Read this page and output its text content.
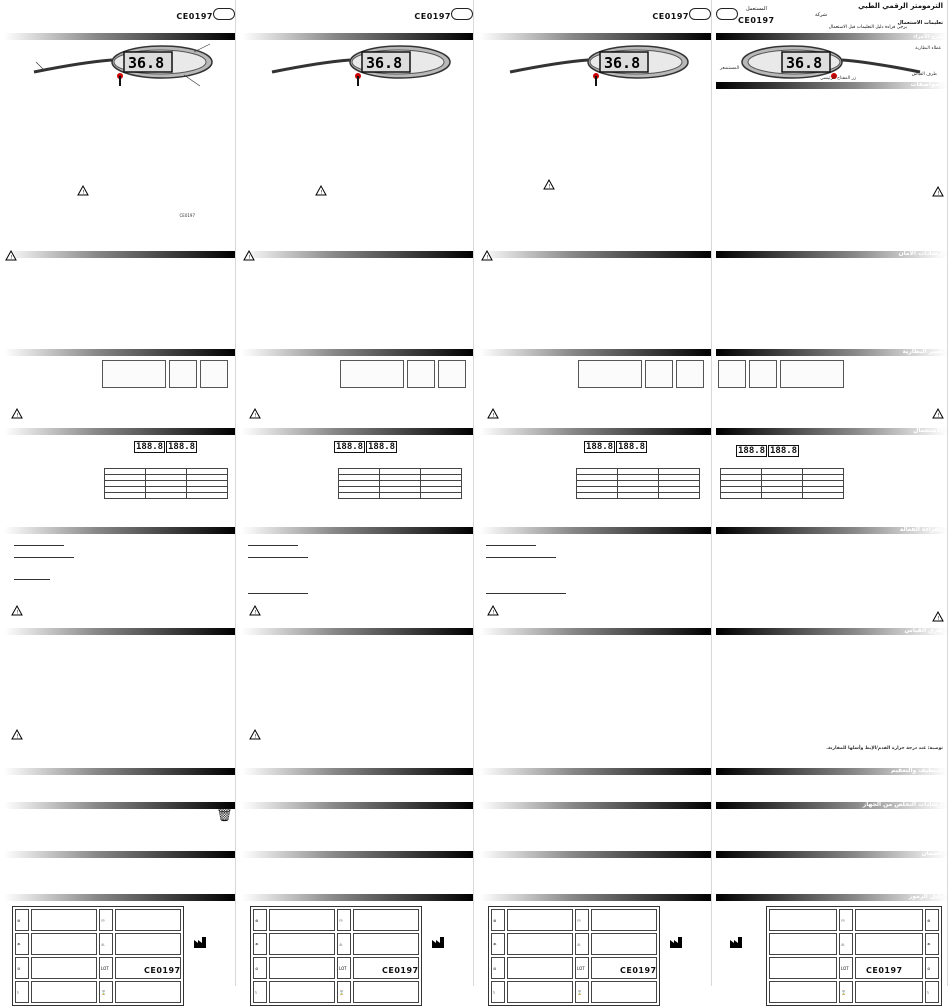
CE0197
36.8
!
CE0197
!
!
188.8 188.8

!
!
🗑
⊛		⚇	
☂		⚠	
⊘		LOT	
⌇		⌛	
CE0197
CE0197
36.8
!
!
!
188.8 188.8

!
!
⊛		⚇	
☂		⚠	
⊘		LOT	
⌇		⌛	
CE0197
CE0197
36.8
!
!
!
188.8 188.8

!
⊛		⚇	
☂		⚠	
⊘		LOT	
⌇		⌛	
CE0197
CE0197
الترمومتر الرقمي الطبي
شركة
تعليمات الاستعمال
المستعمل
يرجى قراءة دليل التعليمات قبل الاستعمال
شرح الأجزاء
36.8
غطاء البطارية
طرف القياس
المستشعر
زر المفتاح الرئيسي
المواصفات
!
إرشادات الأمان
تغيير البطارية
!
الاستعمال
188.8 188.8

القراءة الفعالة
!
طرق القياس
توصية: عند درجة حرارة القدم/الإبط وأسلها للمقارنة.
التنظيف والتعقيم
إرشادات التخلص من الجهاز
الضمان
دليل الرموز
	⚇		⊛
	⚠		☂
	LOT		⊘
	⌛		⌇
CE0197
